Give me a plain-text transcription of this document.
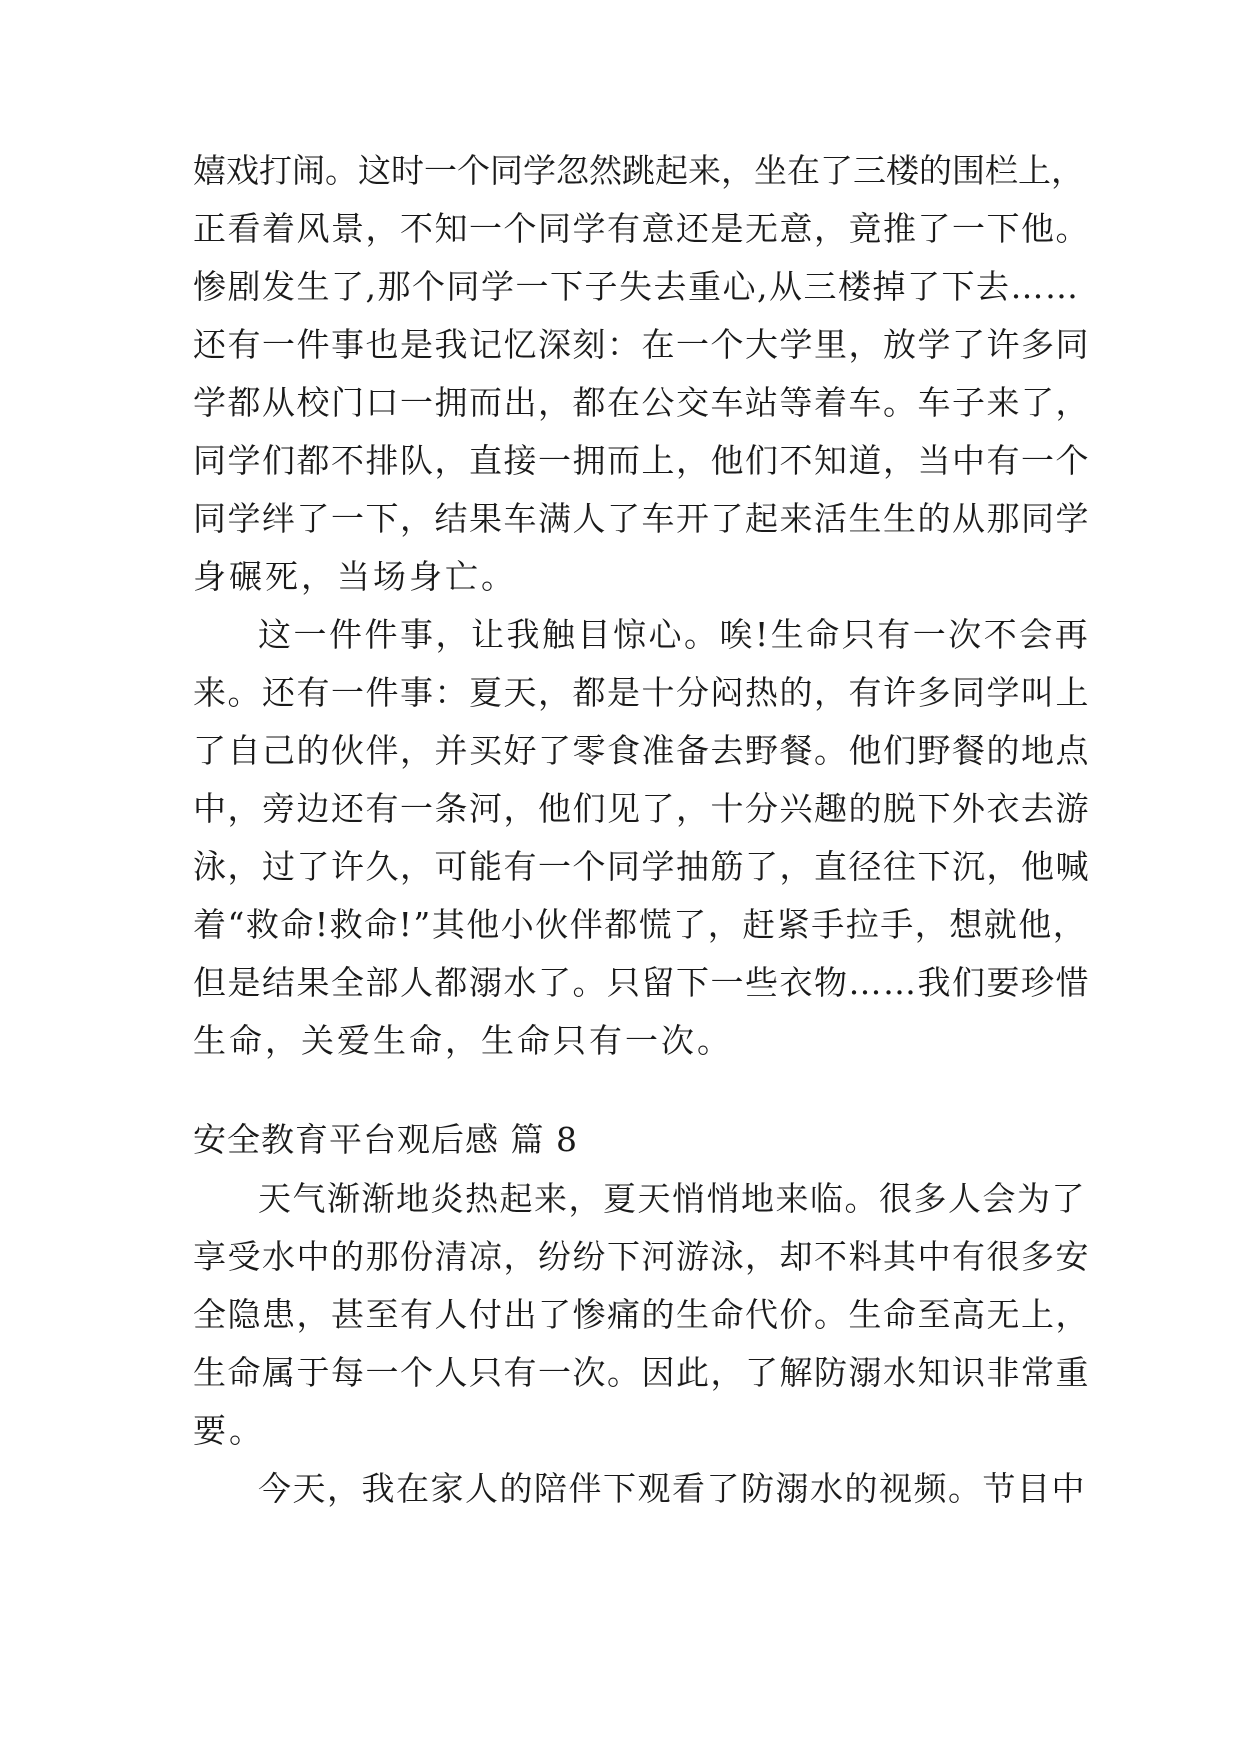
嬉戏打闹。这时一个同学忽然跳起来，坐在了三楼的围栏上，
正看着风景，不知一个同学有意还是无意，竟推了一下他。
惨剧发生了,那个同学一下子失去重心,从三楼掉了下去……
还有一件事也是我记忆深刻：在一个大学里，放学了许多同
学都从校门口一拥而出，都在公交车站等着车。车子来了，
同学们都不排队，直接一拥而上，他们不知道，当中有一个
同学绊了一下，结果车满人了车开了起来活生生的从那同学
身碾死，当场身亡。
这一件件事，让我触目惊心。唉!生命只有一次不会再
来。还有一件事：夏天，都是十分闷热的，有许多同学叫上
了自己的伙伴，并买好了零食准备去野餐。他们野餐的地点
中，旁边还有一条河，他们见了，十分兴趣的脱下外衣去游
泳，过了许久，可能有一个同学抽筋了，直径往下沉，他喊
着“救命!救命!”其他小伙伴都慌了，赶紧手拉手，想就他，
但是结果全部人都溺水了。只留下一些衣物……我们要珍惜
生命，关爱生命，生命只有一次。
安全教育平台观后感 篇 8
天气渐渐地炎热起来，夏天悄悄地来临。很多人会为了
享受水中的那份清凉，纷纷下河游泳，却不料其中有很多安
全隐患，甚至有人付出了惨痛的生命代价。生命至高无上，
生命属于每一个人只有一次。因此，了解防溺水知识非常重
要。
今天，我在家人的陪伴下观看了防溺水的视频。节目中
